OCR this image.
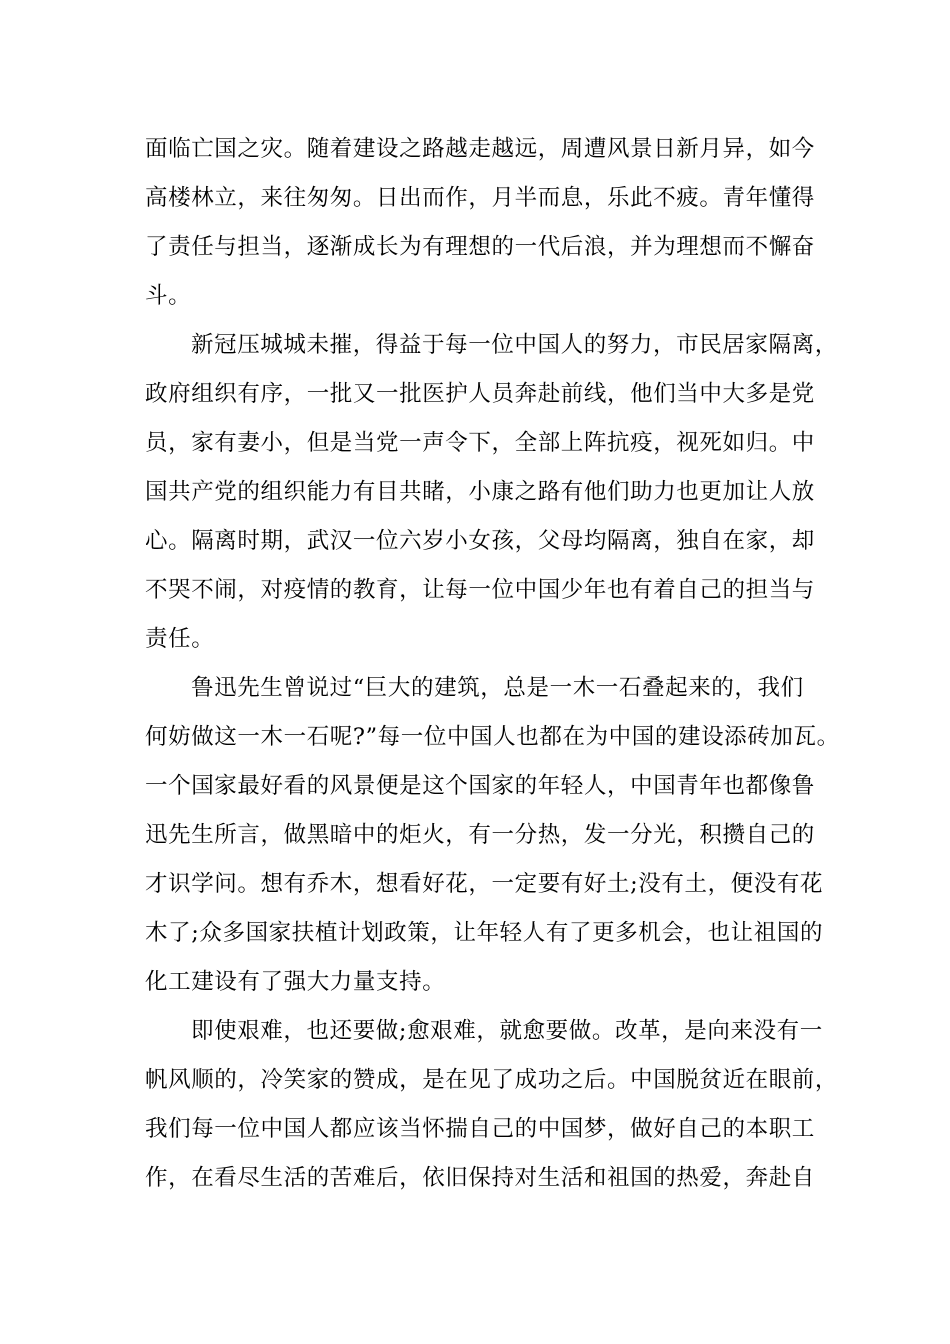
面临亡国之灾。随着建设之路越走越远，周遭风景日新月异，如今
高楼林立，来往匆匆。日出而作，月半而息，乐此不疲。青年懂得
了责任与担当，逐渐成长为有理想的一代后浪，并为理想而不懈奋
斗。
新冠压城城未摧，得益于每一位中国人的努力，市民居家隔离，
政府组织有序，一批又一批医护人员奔赴前线，他们当中大多是党
员，家有妻小，但是当党一声令下，全部上阵抗疫，视死如归。中
国共产党的组织能力有目共睹，小康之路有他们助力也更加让人放
心。隔离时期，武汉一位六岁小女孩，父母均隔离，独自在家，却
不哭不闹，对疫情的教育，让每一位中国少年也有着自己的担当与
责任。
鲁迅先生曾说过“巨大的建筑，总是一木一石叠起来的，我们
何妨做这一木一石呢?”每一位中国人也都在为中国的建设添砖加瓦。
一个国家最好看的风景便是这个国家的年轻人，中国青年也都像鲁
迅先生所言，做黑暗中的炬火，有一分热，发一分光，积攒自己的
才识学问。想有乔木，想看好花，一定要有好土;没有土，便没有花
木了;众多国家扶植计划政策，让年轻人有了更多机会，也让祖国的
化工建设有了强大力量支持。
即使艰难，也还要做;愈艰难，就愈要做。改革，是向来没有一
帆风顺的，冷笑家的赞成，是在见了成功之后。中国脱贫近在眼前，
我们每一位中国人都应该当怀揣自己的中国梦，做好自己的本职工
作，在看尽生活的苦难后，依旧保持对生活和祖国的热爱，奔赴自
